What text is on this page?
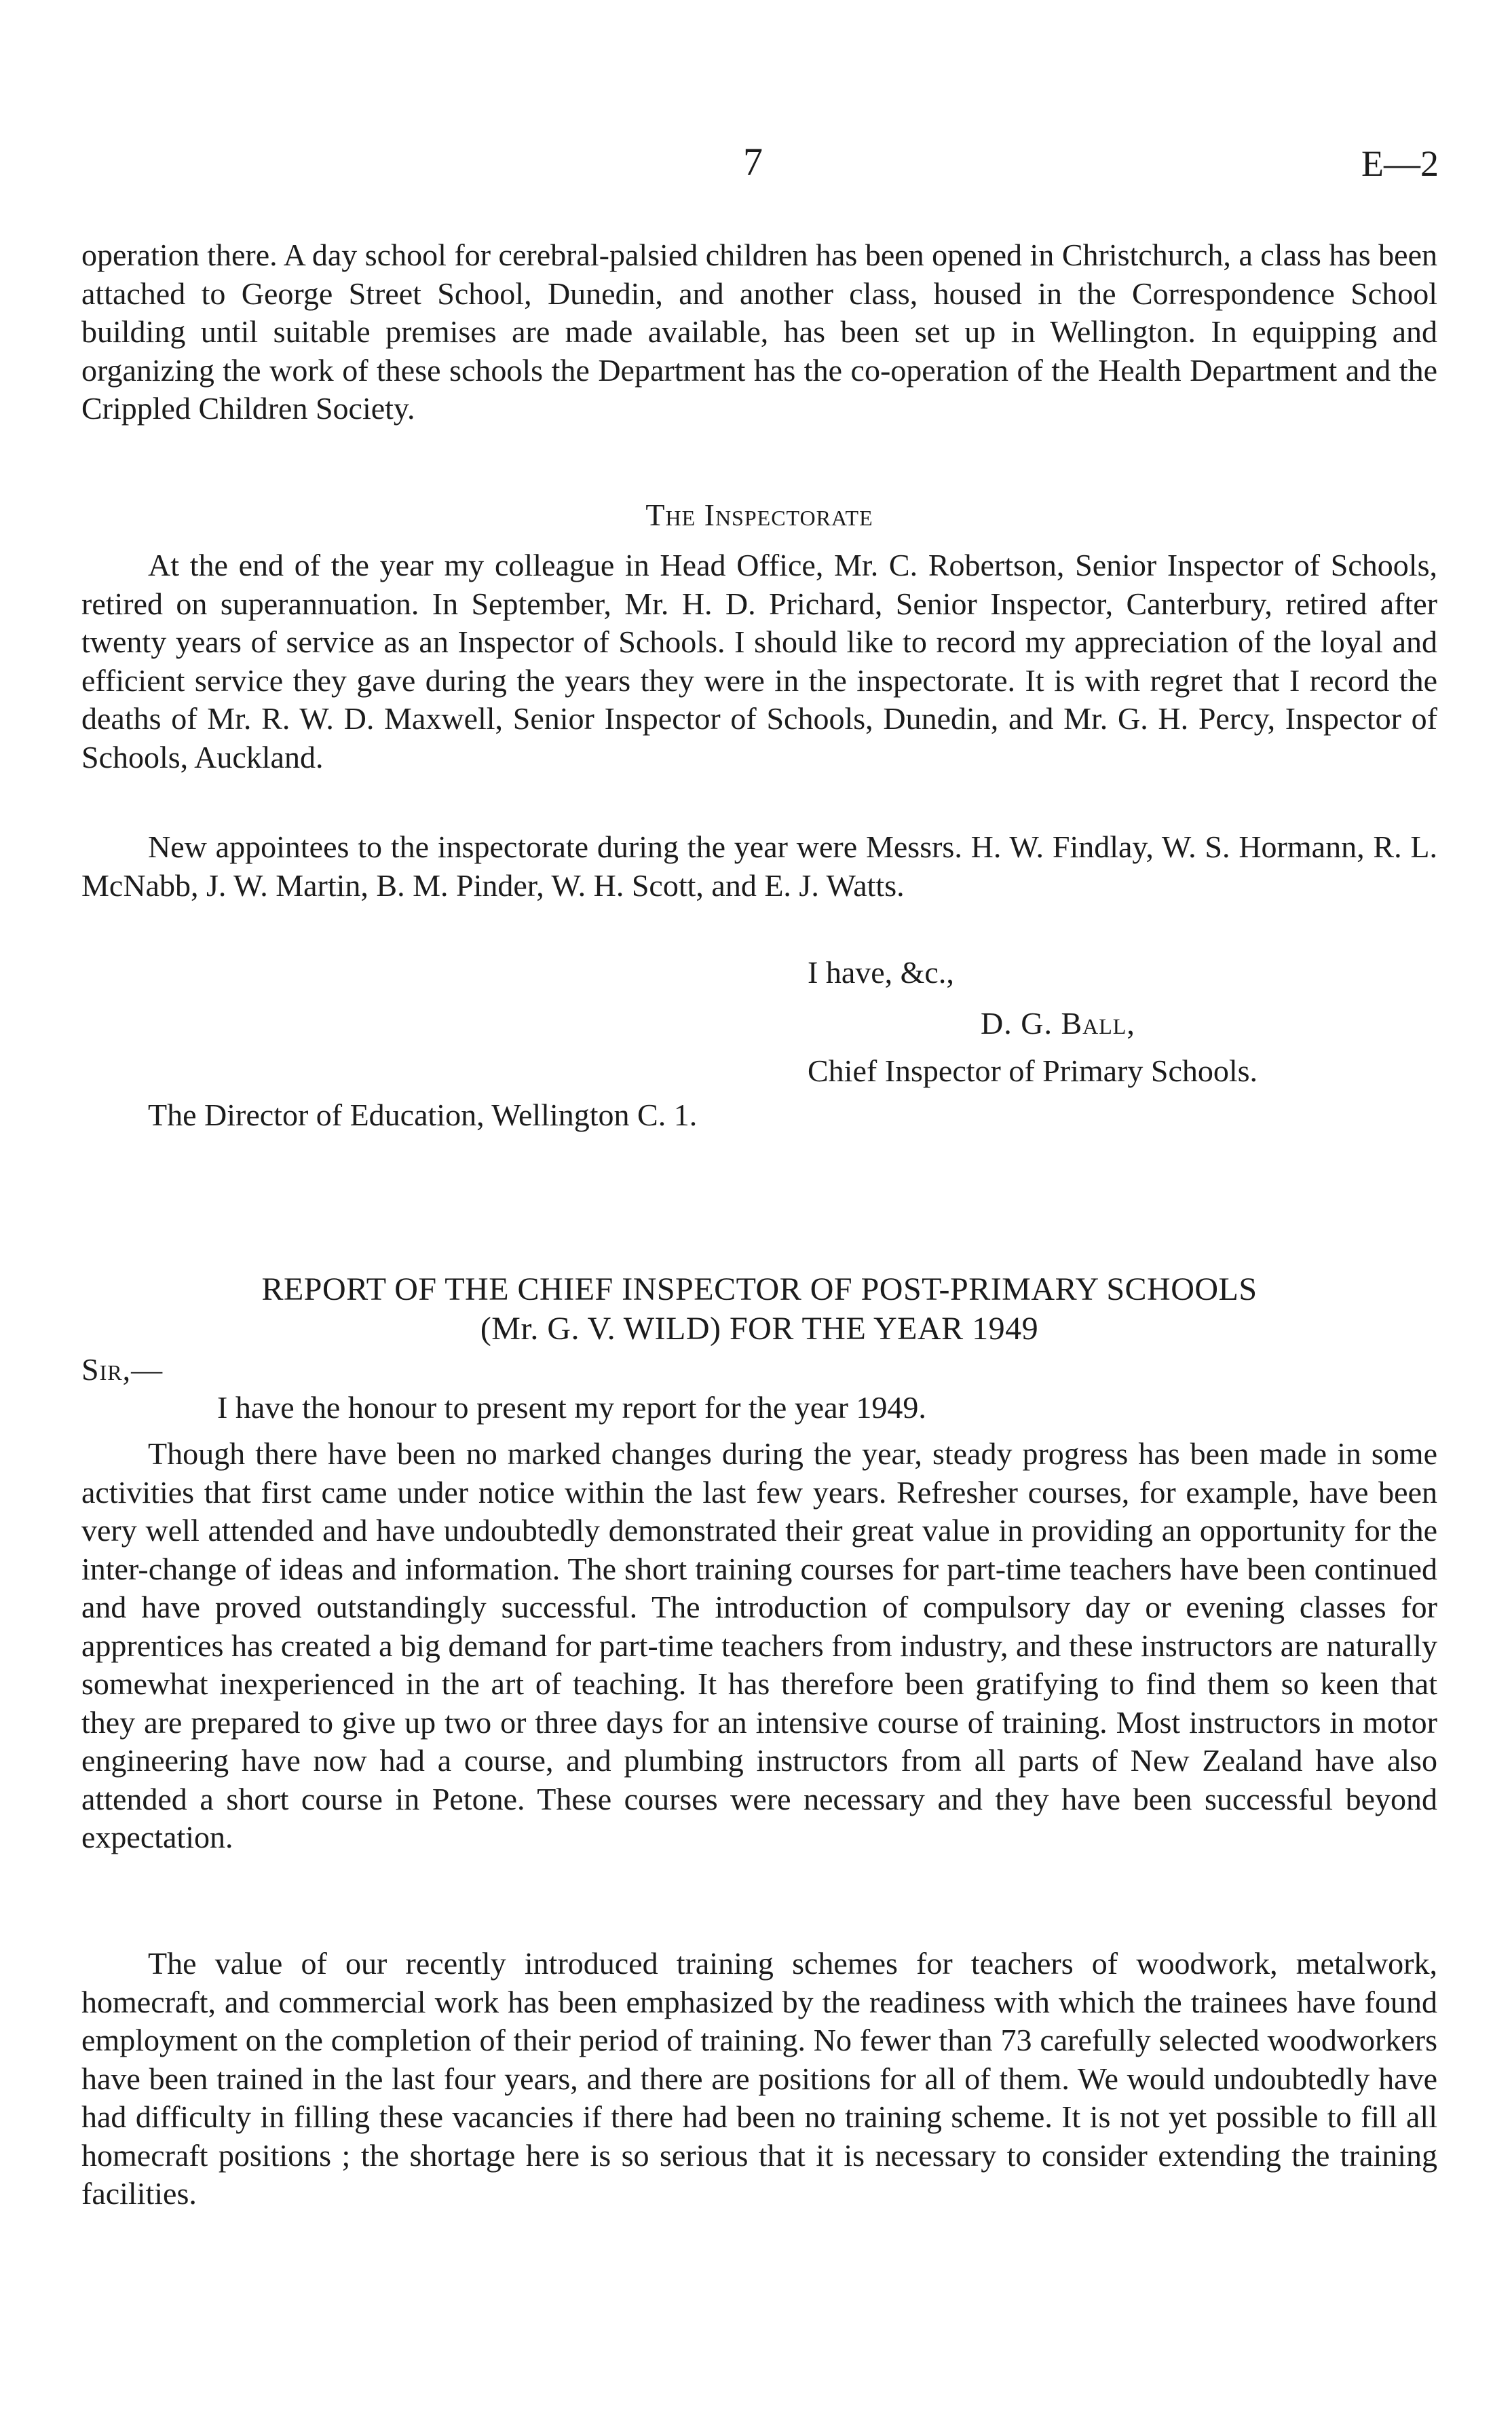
7	E—2

operation there. A day school for cerebral-palsied children has been opened in Christchurch, a class has been attached to George Street School, Dunedin, and another class, housed in the Correspondence School building until suitable premises are made available, has been set up in Wellington. In equipping and organizing the work of these schools the Department has the co-operation of the Health Department and the Crippled Children Society.

The Inspectorate

At the end of the year my colleague in Head Office, Mr. C. Robertson, Senior Inspector of Schools, retired on superannuation. In September, Mr. H. D. Prichard, Senior Inspector, Canterbury, retired after twenty years of service as an Inspector of Schools. I should like to record my appreciation of the loyal and efficient service they gave during the years they were in the inspectorate. It is with regret that I record the deaths of Mr. R. W. D. Maxwell, Senior Inspector of Schools, Dunedin, and Mr. G. H. Percy, Inspector of Schools, Auckland.

New appointees to the inspectorate during the year were Messrs. H. W. Findlay, W. S. Hormann, R. L. McNabb, J. W. Martin, B. M. Pinder, W. H. Scott, and E. J. Watts.

I have, &c.,
D. G. Ball,
Chief Inspector of Primary Schools.
The Director of Education, Wellington C. 1.
REPORT OF THE CHIEF INSPECTOR OF POST-PRIMARY SCHOOLS
(Mr. G. V. WILD) FOR THE YEAR 1949
Sir,—
I have the honour to present my report for the year 1949.

Though there have been no marked changes during the year, steady progress has been made in some activities that first came under notice within the last few years. Refresher courses, for example, have been very well attended and have undoubtedly demonstrated their great value in providing an opportunity for the inter-change of ideas and information. The short training courses for part-time teachers have been continued and have proved outstandingly successful. The introduction of compulsory day or evening classes for apprentices has created a big demand for part-time teachers from industry, and these instructors are naturally somewhat inexperienced in the art of teaching. It has therefore been gratifying to find them so keen that they are prepared to give up two or three days for an intensive course of training. Most instructors in motor engineering have now had a course, and plumbing instructors from all parts of New Zealand have also attended a short course in Petone. These courses were necessary and they have been successful beyond expectation.

The value of our recently introduced training schemes for teachers of woodwork, metalwork, homecraft, and commercial work has been emphasized by the readiness with which the trainees have found employment on the completion of their period of training. No fewer than 73 carefully selected woodworkers have been trained in the last four years, and there are positions for all of them. We would undoubtedly have had difficulty in filling these vacancies if there had been no training scheme. It is not yet possible to fill all homecraft positions ; the shortage here is so serious that it is necessary to consider extending the training facilities.
